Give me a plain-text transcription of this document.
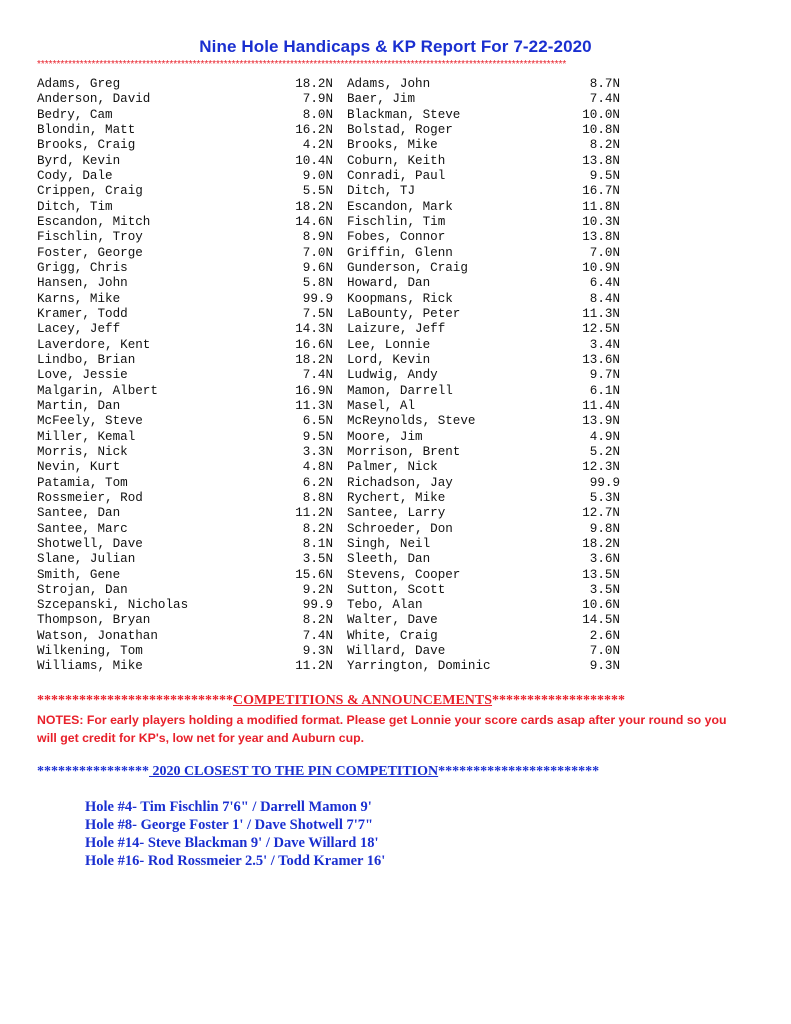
Nine Hole Handicaps & KP Report For 7-22-2020
****************************************************************************************************************************************
Adams, Greg	18.2N Adams, John	8.7N
Anderson, David	7.9N Baer, Jim	7.4N
Bedry, Cam	8.0N Blackman, Steve	10.0N
Blondin, Matt	16.2N Bolstad, Roger	10.8N
Brooks, Craig	4.2N Brooks, Mike	8.2N
Byrd, Kevin	10.4N Coburn, Keith	13.8N
Cody, Dale	9.0N Conradi, Paul	9.5N
Crippen, Craig	5.5N Ditch, TJ	16.7N
Ditch, Tim	18.2N Escandon, Mark	11.8N
Escandon, Mitch	14.6N Fischlin, Tim	10.3N
Fischlin, Troy	8.9N Fobes, Connor	13.8N
Foster, George	7.0N Griffin, Glenn	7.0N
Grigg, Chris	9.6N Gunderson, Craig	10.9N
Hansen, John	5.8N Howard, Dan	6.4N
Karns, Mike	99.9 Koopmans, Rick	8.4N
Kramer, Todd	7.5N LaBounty, Peter	11.3N
Lacey, Jeff	14.3N Laizure, Jeff	12.5N
Laverdore, Kent	16.6N Lee, Lonnie	3.4N
Lindbo, Brian	18.2N Lord, Kevin	13.6N
Love, Jessie	7.4N Ludwig, Andy	9.7N
Malgarin, Albert	16.9N Mamon, Darrell	6.1N
Martin, Dan	11.3N Masel, Al	11.4N
McFeely, Steve	6.5N McReynolds, Steve	13.9N
Miller, Kemal	9.5N Moore, Jim	4.9N
Morris, Nick	3.3N Morrison, Brent	5.2N
Nevin, Kurt	4.8N Palmer, Nick	12.3N
Patamia, Tom	6.2N Richadson, Jay	99.9
Rossmeier, Rod	8.8N Rychert, Mike	5.3N
Santee, Dan	11.2N Santee, Larry	12.7N
Santee, Marc	8.2N Schroeder, Don	9.8N
Shotwell, Dave	8.1N Singh, Neil	18.2N
Slane, Julian	3.5N Sleeth, Dan	3.6N
Smith, Gene	15.6N Stevens, Cooper	13.5N
Strojan, Dan	9.2N Sutton, Scott	3.5N
Szcepanski, Nicholas	99.9 Tebo, Alan	10.6N
Thompson, Bryan	8.2N Walter, Dave	14.5N
Watson, Jonathan	7.4N White, Craig	2.6N
Wilkening, Tom	9.3N Willard, Dave	7.0N
Williams, Mike	11.2N Yarrington, Dominic	9.3N
****************************COMPETITIONS & ANNOUNCEMENTS*******************
NOTES: For early players holding a modified format. Please get Lonnie your score cards asap after your round so you will get credit for KP's, low net for year and Auburn cup.
**************** 2020 CLOSEST TO THE PIN COMPETITION***********************
Hole #4- Tim Fischlin 7'6" / Darrell Mamon 9'
Hole #8- George Foster 1' / Dave Shotwell 7'7"
Hole #14- Steve Blackman 9' / Dave Willard 18'
Hole #16- Rod Rossmeier 2.5' / Todd Kramer 16'
